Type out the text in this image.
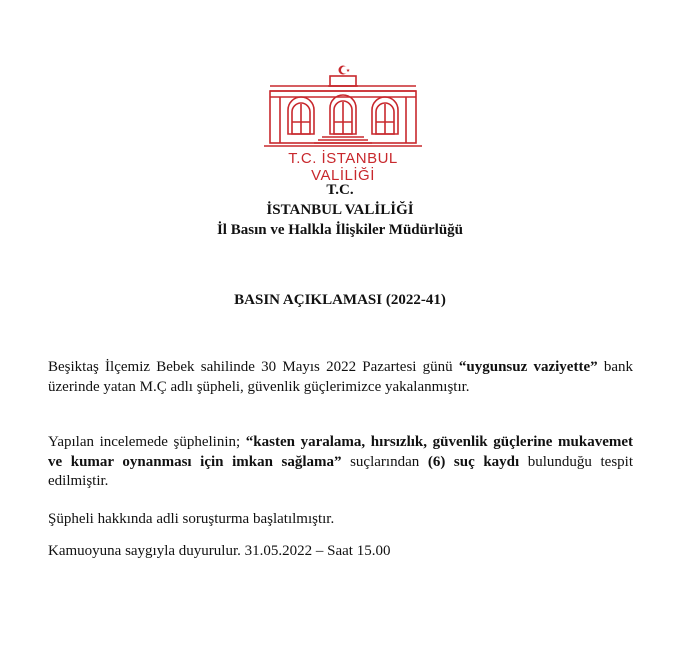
T.C. İSTANBUL VALİLİĞİ
T.C.
İSTANBUL VALİLİĞİ
İl Basın ve Halkla İlişkiler Müdürlüğü
BASIN AÇIKLAMASI (2022-41)
Beşiktaş İlçemiz Bebek sahilinde 30 Mayıs 2022 Pazartesi günü “uygunsuz vaziyette” bank üzerinde yatan M.Ç adlı şüpheli, güvenlik güçlerimizce yakalanmıştır.
Yapılan incelemede şüphelinin; “kasten yaralama, hırsızlık, güvenlik güçlerine mukavemet ve kumar oynanması için imkan sağlama” suçlarından (6) suç kaydı bulunduğu tespit edilmiştir.
Şüpheli hakkında adli soruşturma başlatılmıştır.
Kamuoyuna saygıyla duyurulur. 31.05.2022 – Saat 15.00
